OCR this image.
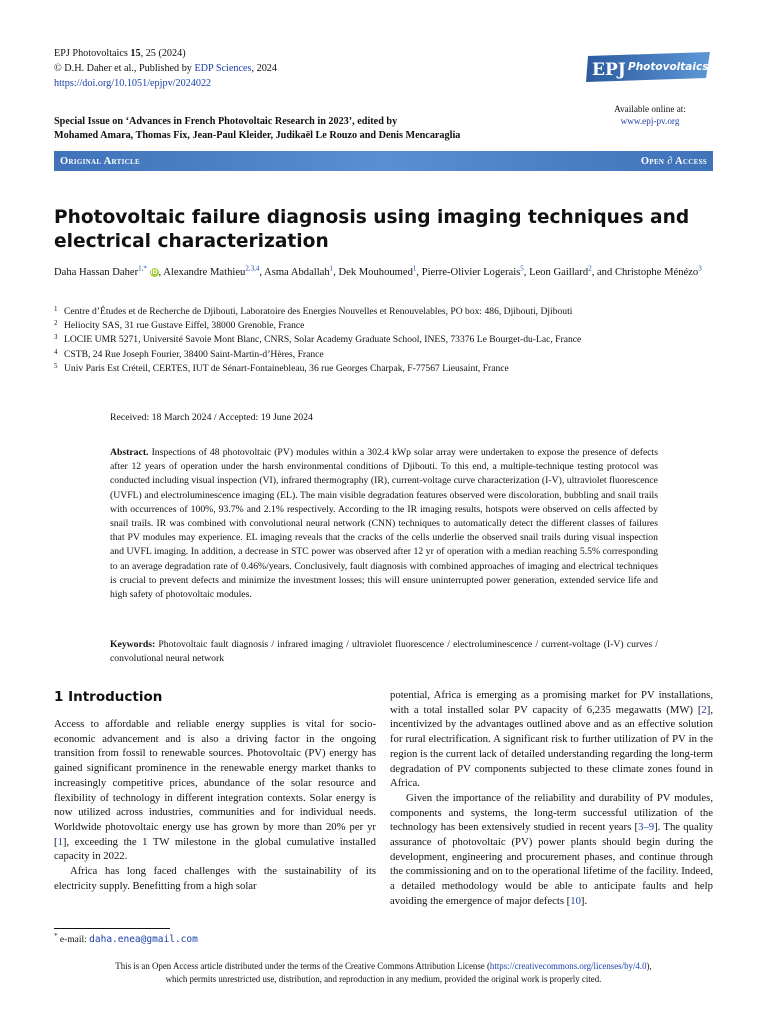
EPJ Photovoltaics 15, 25 (2024)
© D.H. Daher et al., Published by EDP Sciences, 2024
https://doi.org/10.1051/epjpv/2024022
EPJ Photovoltaics
Available online at:
www.epj-pv.org
Special Issue on ‘Advances in French Photovoltaic Research in 2023’, edited by
Mohamed Amara, Thomas Fix, Jean-Paul Kleider, Judikaël Le Rouzo and Denis Mencaraglia
Original Article	Open ∂ Access
Photovoltaic failure diagnosis using imaging techniques and electrical characterization
Daha Hassan Daher$^{1,*}$ iD, Alexandre Mathieu$^{2,3,4}$, Asma Abdallah$^1$, Dek Mouhoumed$^1$, Pierre-Olivier Logerais$^5$, Leon Gaillard$^2$, and Christophe Ménézo$^3$
1 Centre d’Études et de Recherche de Djibouti, Laboratoire des Energies Nouvelles et Renouvelables, PO box: 486, Djibouti, Djibouti
2 Heliocity SAS, 31 rue Gustave Eiffel, 38000 Grenoble, France
3 LOCIE UMR 5271, Université Savoie Mont Blanc, CNRS, Solar Academy Graduate School, INES, 73376 Le Bourget-du-Lac, France
4 CSTB, 24 Rue Joseph Fourier, 38400 Saint-Martin-d’Hères, France
5 Univ Paris Est Créteil, CERTES, IUT de Sénart-Fontainebleau, 36 rue Georges Charpak, F-77567 Lieusaint, France
Received: 18 March 2024 / Accepted: 19 June 2024
Abstract. Inspections of 48 photovoltaic (PV) modules within a 302.4 kWp solar array were undertaken to expose the presence of defects after 12 years of operation under the harsh environmental conditions of Djibouti. To this end, a multiple-technique testing protocol was conducted including visual inspection (VI), infrared thermography (IR), current-voltage curve characterization (I-V), ultraviolet fluorescence (UVFL) and electroluminescence imaging (EL). The main visible degradation features observed were discoloration, bubbling and snail trails with occurrences of 100%, 93.7% and 2.1% respectively. According to the IR imaging results, hotspots were observed on cells affected by snail trails. IR was combined with convolutional neural network (CNN) techniques to automatically detect the different classes of failures that PV modules may experience. EL imaging reveals that the cracks of the cells underlie the observed snail trails during visual inspection and UVFL imaging. In addition, a decrease in STC power was observed after 12 yr of operation with a median reaching 5.5% corresponding to an average degradation rate of 0.46%/years. Conclusively, fault diagnosis with combined approaches of imaging and electrical techniques is crucial to prevent defects and minimize the investment losses; this will ensure uninterrupted power generation, extended service life and high safety of photovoltaic modules.
Keywords: Photovoltaic fault diagnosis / infrared imaging / ultraviolet fluorescence / electroluminescence / current-voltage (I-V) curves / convolutional neural network
1 Introduction

Access to affordable and reliable energy supplies is vital for socio-economic advancement and is also a driving factor in the ongoing transition from fossil to renewable sources. Photovoltaic (PV) energy has gained significant prominence in the renewable energy market thanks to increasingly competitive prices, abundance of the solar resource and flexibility of technology in different integration contexts. Solar energy is now utilized across industries, communities and for individual needs. Worldwide photovoltaic energy use has grown by more than 20% per yr [1], exceeding the 1 TW milestone in the global cumulative installed capacity in 2022.

Africa has long faced challenges with the sustainability of its electricity supply. Benefitting from a high solar

potential, Africa is emerging as a promising market for PV installations, with a total installed solar PV capacity of 6,235 megawatts (MW) [2], incentivized by the advantages outlined above and as an effective solution for rural electrification. A significant risk to further utilization of PV in the region is the current lack of detailed understanding regarding the long-term degradation of PV components subjected to these climate zones found in Africa.

Given the importance of the reliability and durability of PV modules, components and systems, the long-term successful utilization of the technology has been extensively studied in recent years [3–9]. The quality assurance of photovoltaic (PV) power plants should begin during the development, engineering and procurement phases, and continue through the commissioning and on to the operational lifetime of the facility. Indeed, a detailed methodology would be able to anticipate faults and help avoiding the emergence of major defects [10].

* e-mail: daha.enea@gmail.com
This is an Open Access article distributed under the terms of the Creative Commons Attribution License (https://creativecommons.org/licenses/by/4.0),
which permits unrestricted use, distribution, and reproduction in any medium, provided the original work is properly cited.
